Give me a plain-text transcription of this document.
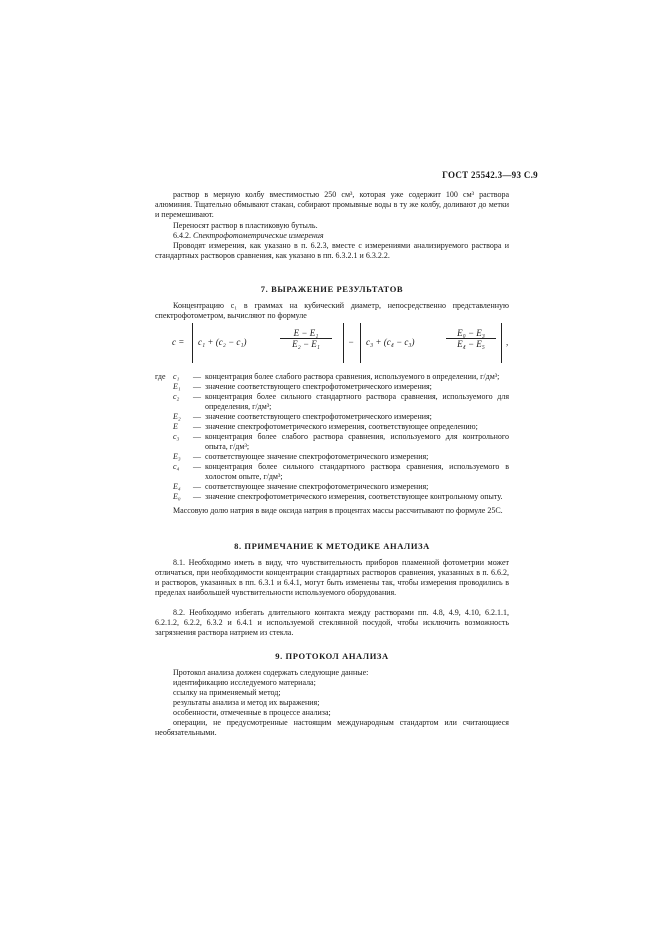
ГОСТ 25542.3—93 С.9
раствор в мерную колбу вместимостью 250 см³, которая уже содержит 100 см³ раствора алюминия. Тщательно обмывают стакан, собирают промывные воды в ту же колбу, доливают до метки и перемешивают.
Переносят раствор в пластиковую бутыль.
6.4.2. Спектрофотометрические измерения
Проводят измерения, как указано в п. 6.2.3, вместе с измерениями анализируемого раствора и стандартных растворов сравнения, как указано в пп. 6.3.2.1 и 6.3.2.2.
7. ВЫРАЖЕНИЕ РЕЗУЛЬТАТОВ
Концентрацию c₁ в граммах на кубический диаметр, непосредственно представленную спектрофотометром, вычисляют по формуле
c = c₁ + (c₂ − c₁)	$\frac{\text{E − E₁}}{\text{E₂ − E₁}} - c_3 + (c_4 - c_3)$	$\frac{\text{E₀ − E₃}}{\text{E₄ − E₅}}$ ,
где c₁	— концентрация более слабого раствора сравнения, используемого в определении, г/дм³;
E₁	— значение соответствующего спектрофотометрического измерения;
c₂	— концентрация более сильного стандартного раствора сравнения, используемого для определения, г/дм³;
E₂	— значение соответствующего спектрофотометрического измерения;
E	— значение спектрофотометрического измерения, соответствующее определению;
c₃	— концентрация более слабого раствора сравнения, используемого для контрольного опыта, г/дм³;
E₃	— соответствующее значение спектрофотометрического измерения;
c₄	— концентрация более сильного стандартного раствора сравнения, используемого в холостом опыте, г/дм³;
E₄	— соответствующее значение спектрофотометрического измерения;
E₀	— значение спектрофотометрического измерения, соответствующее контрольному опыту.
Массовую долю натрия в виде оксида натрия в процентах массы рассчитывают по формуле 25С.
8. ПРИМЕЧАНИЕ К МЕТОДИКЕ АНАЛИЗА
8.1. Необходимо иметь в виду, что чувствительность приборов пламенной фотометрии может отличаться, при необходимости концентрации стандартных растворов сравнения, указанных в п. 6.6.2, и растворов, указанных в пп. 6.3.1 и 6.4.1, могут быть изменены так, чтобы измерения проводились в пределах наибольшей чувствительности используемого оборудования.
8.2. Необходимо избегать длительного контакта между растворами пп. 4.8, 4.9, 4.10, 6.2.1.1, 6.2.1.2, 6.2.2, 6.3.2 и 6.4.1 и используемой стеклянной посудой, чтобы исключить возможность загрязнения раствора натрием из стекла.
9. ПРОТОКОЛ АНАЛИЗА
Протокол анализа должен содержать следующие данные:
идентификацию исследуемого материала;
ссылку на применяемый метод;
результаты анализа и метод их выражения;
особенности, отмеченные в процессе анализа;
операции, не предусмотренные настоящим международным стандартом или считающиеся необязательными.
